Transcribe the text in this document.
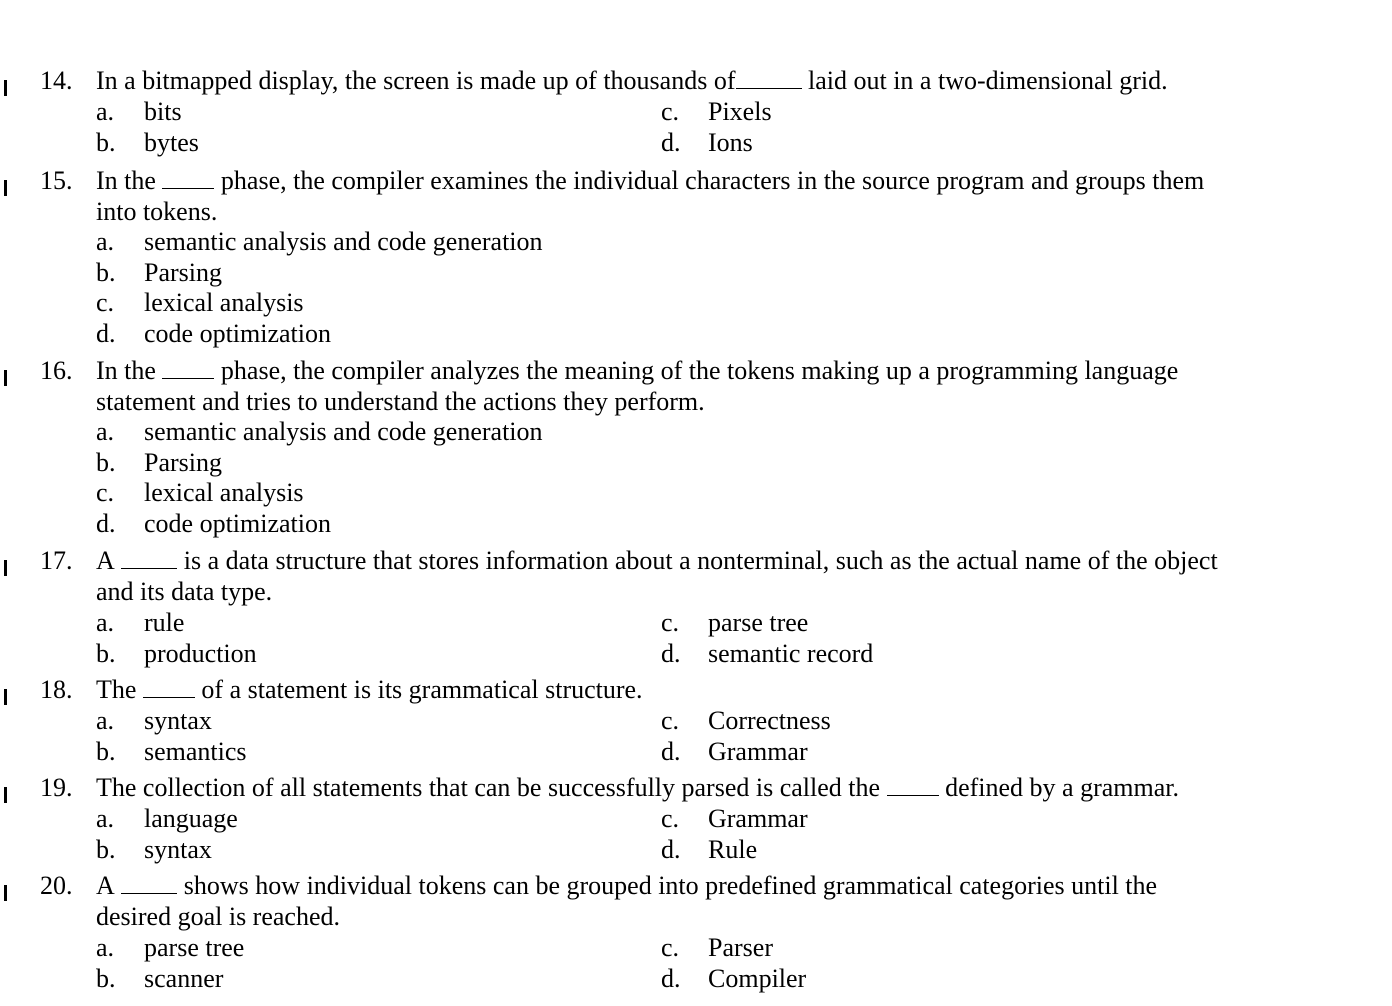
14. In a bitmapped display, the screen is made up of thousands of	laid out in a two-dimensional grid.
a. bits
b. bytes
c. Pixels
d. Ions
15. In the	phase, the compiler examines the individual characters in the source program and groups them
into tokens.
a. semantic analysis and code generation
b. Parsing
c. lexical analysis
d. code optimization
16. In the	phase, the compiler analyzes the meaning of the tokens making up a programming language
statement and tries to understand the actions they perform.
a. semantic analysis and code generation
b. Parsing
c. lexical analysis
d. code optimization
17. A	is a data structure that stores information about a nonterminal, such as the actual name of the object
and its data type.
a. rule
b. production
c. parse tree
d. semantic record
18. The	of a statement is its grammatical structure.
a. syntax
b. semantics
c. Correctness
d. Grammar
19. The collection of all statements that can be successfully parsed is called the	defined by a grammar.
a. language
b. syntax
c. Grammar
d. Rule
20. A	shows how individual tokens can be grouped into predefined grammatical categories until the
desired goal is reached.
a. parse tree
b. scanner
c. Parser
d. Compiler
